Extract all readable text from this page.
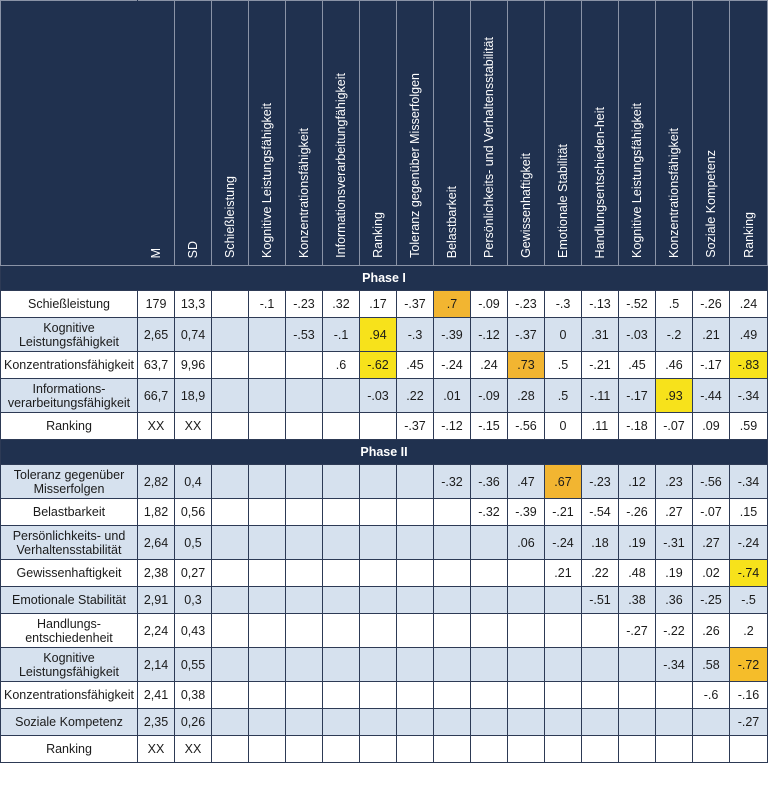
	M	SD	Schießleistung	Kognitive Leistungsfähigkeit	Konzentrationsfähigkeit	Informationsverarbeitungfähigkeit	Ranking	Toleranz gegenüber Misserfolgen	Belastbarkeit	Persönlichkeits- und Verhaltensstabilität	Gewissenhaftigkeit	Emotionale Stabilität	Handlungsentschieden-heit	Kognitive Leistungsfähigkeit	Konzentrationsfähigkeit	Soziale Kompetenz	Ranking
Phase I																	
Schießleistung	179	13,3		-.1	-.23	.32	.17	-.37	.7	-.09	-.23	-.3	-.13	-.52	.5	-.26	.24
Kognitive Leistungsfähigkeit	2,65	0,74			-.53	-.1	.94	-.3	-.39	-.12	-.37	0	.31	-.03	-.2	.21	.49
Konzentrationsfähigkeit	63,7	9,96				.6	-.62	.45	-.24	.24	.73	.5	-.21	.45	.46	-.17	-.83
Informations-verarbeitungsfähigkeit	66,7	18,9					-.03	.22	.01	-.09	.28	.5	-.11	-.17	.93	-.44	-.34
Ranking	XX	XX						-.37	-.12	-.15	-.56	0	.11	-.18	-.07	.09	.59
Phase II																	
Toleranz gegenüber Misserfolgen	2,82	0,4							-.32	-.36	.47	.67	-.23	.12	.23	-.56	-.34
Belastbarkeit	1,82	0,56								-.32	-.39	-.21	-.54	-.26	.27	-.07	.15
Persönlichkeits- und Verhaltensstabilität	2,64	0,5									.06	-.24	.18	.19	-.31	.27	-.24
Gewissenhaftigkeit	2,38	0,27										.21	.22	.48	.19	.02	-.74
Emotionale Stabilität	2,91	0,3											-.51	.38	.36	-.25	-.5
Handlungs-entschiedenheit	2,24	0,43												-.27	-.22	.26	.2
Kognitive Leistungsfähigkeit	2,14	0,55													-.34	.58	-.72
Konzentrationsfähigkeit	2,41	0,38														-.6	-.16
Soziale Kompetenz	2,35	0,26															-.27
Ranking	XX	XX															
